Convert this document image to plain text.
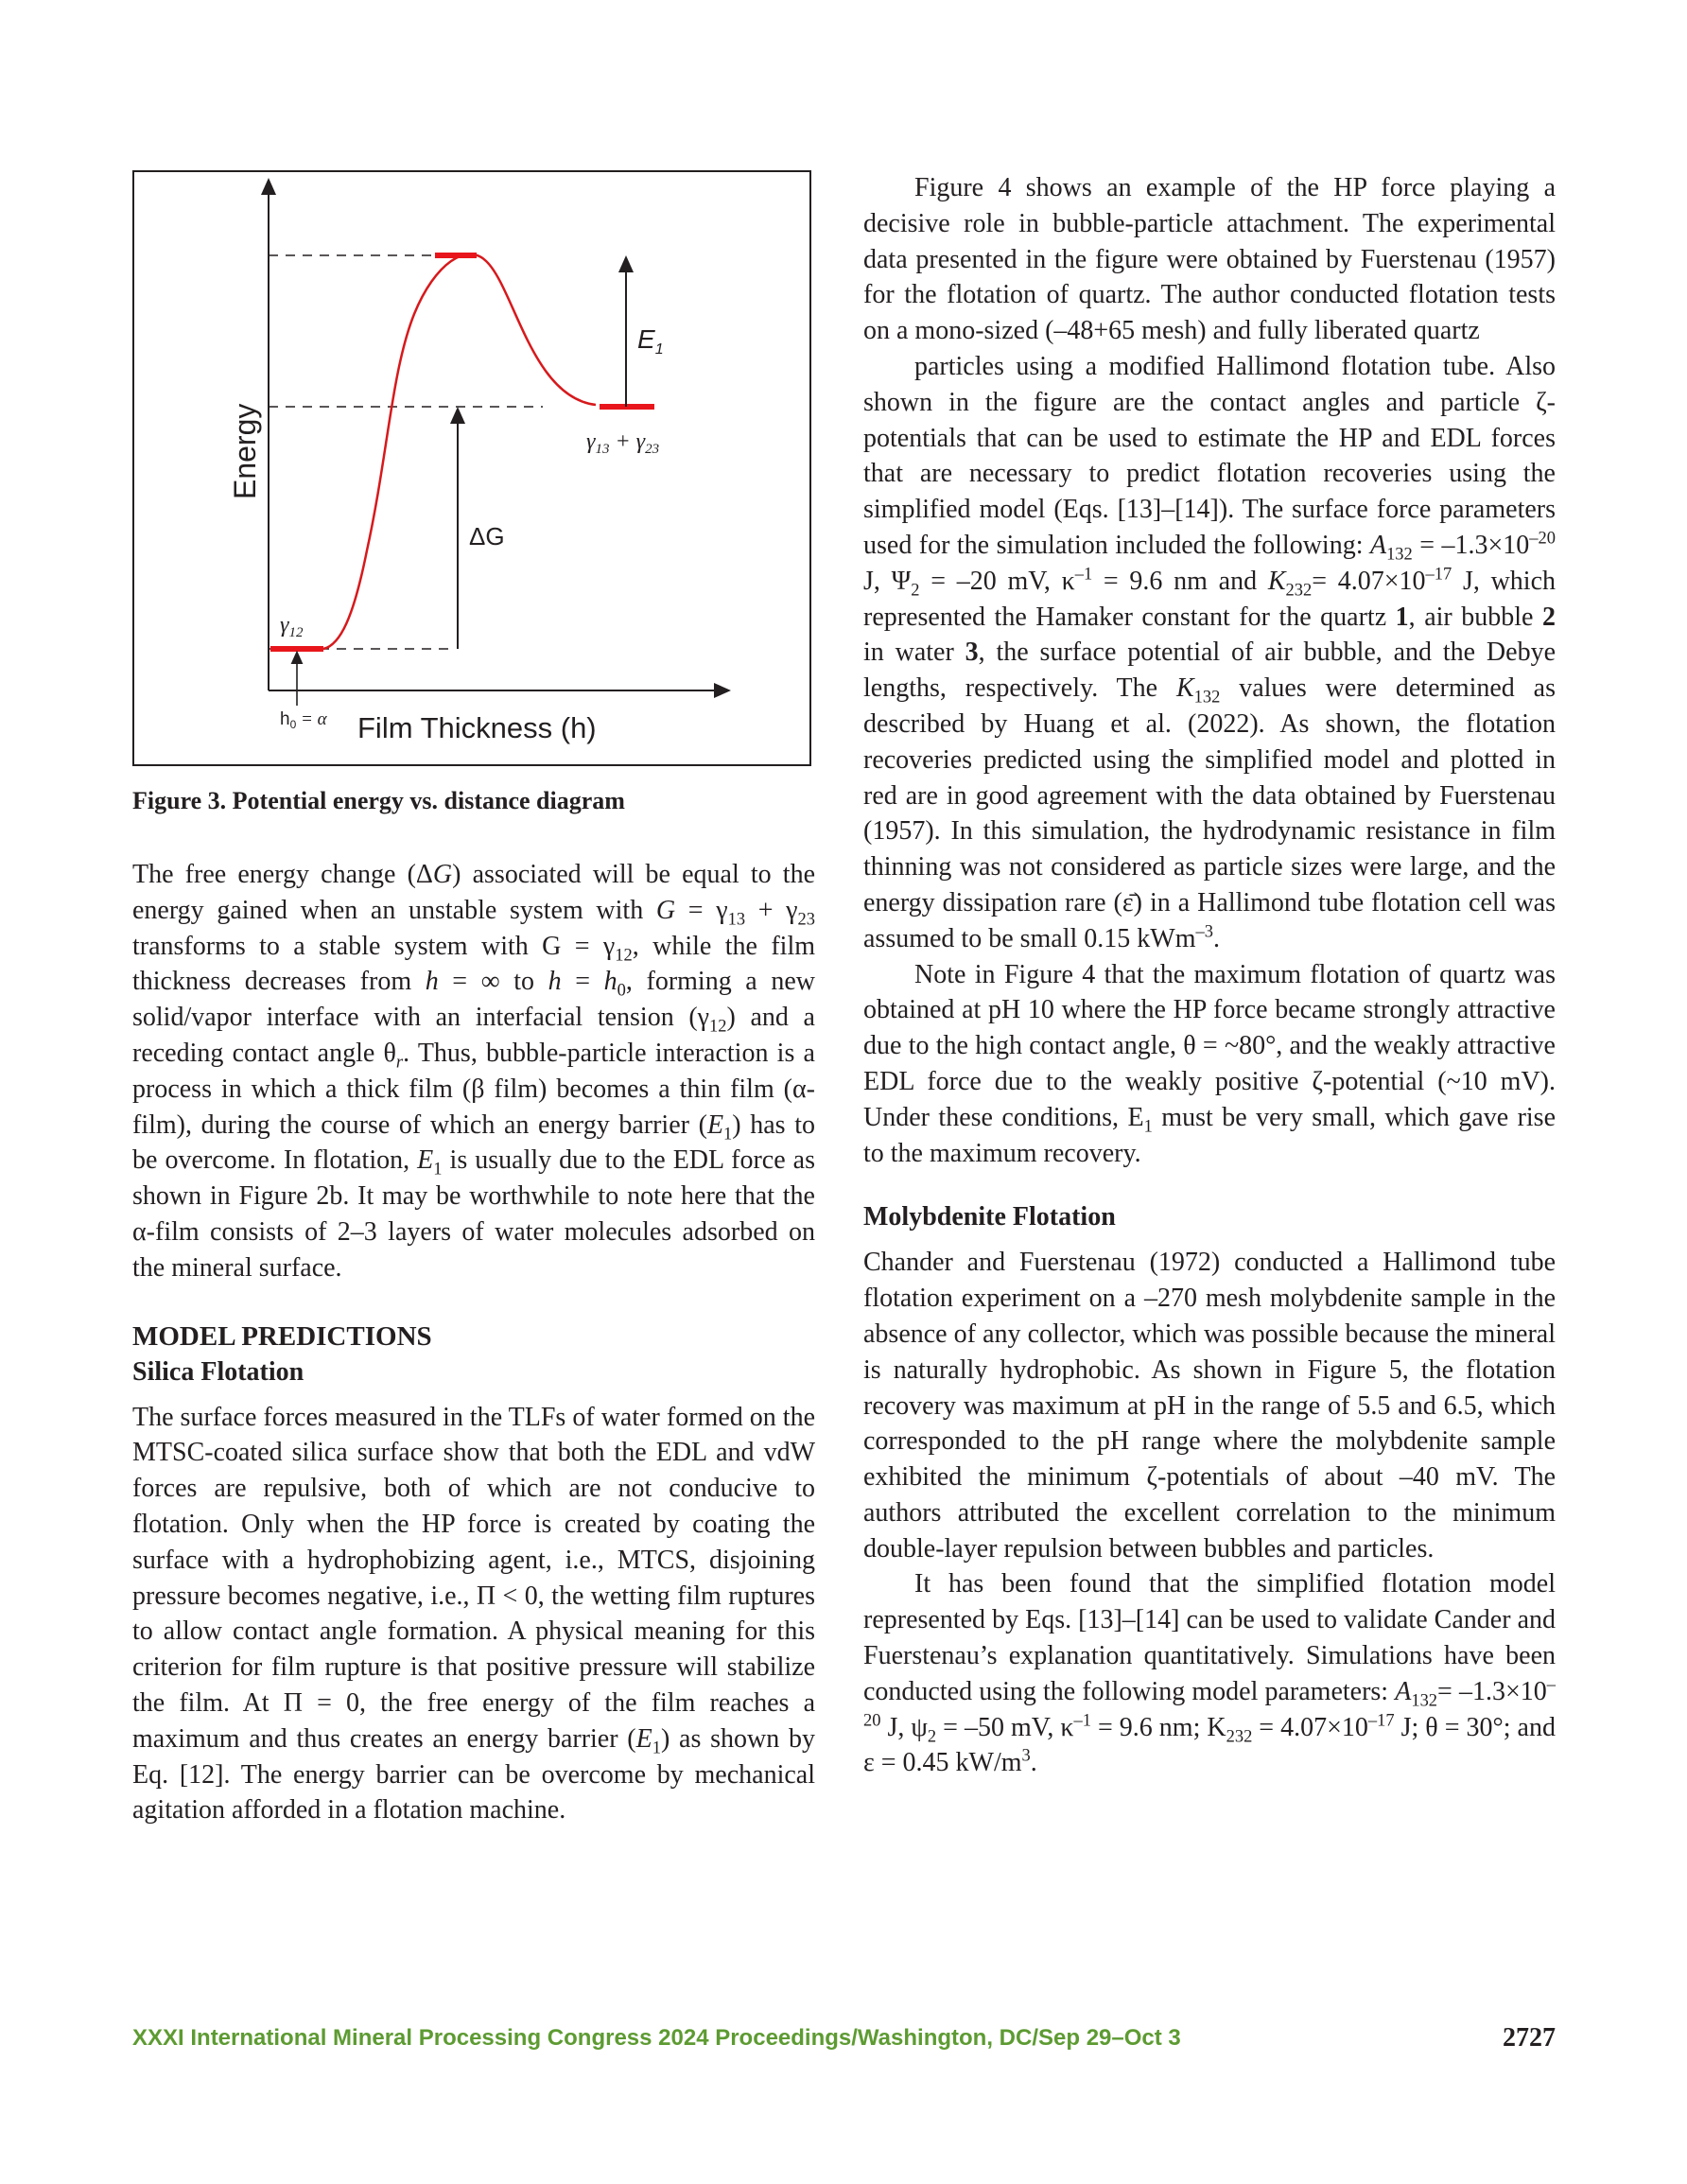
Energy
Film Thickness (h)
$h_0 = \alpha$
$\gamma_{12}$
$\gamma_{13} + \gamma_{23}$
ΔG
$E_1$
Figure 3. Potential energy vs. distance diagram

The free energy change (ΔG) associated will be equal to the energy gained when an unstable system with $G = \gamma_{13} + \gamma_{23}$ transforms to a stable system with $G = \gamma_{12}$, while the film thickness decreases from h = ∞ to $h = h_0$, forming a new solid/vapor interface with an interfacial tension $(\gamma_{12})$ and a receding contact angle $\theta_r$. Thus, bubble-particle interaction is a process in which a thick film (β film) becomes a thin film (α-film), during the course of which an energy barrier $(E_1)$ has to be overcome. In flotation, $E_1$ is usually due to the EDL force as shown in Figure 2b. It may be worthwhile to note here that the α-film consists of 2–3 layers of water molecules adsorbed on the mineral surface.

MODEL PREDICTIONS
Silica Flotation

The surface forces measured in the TLFs of water formed on the MTSC-coated silica surface show that both the EDL and vdW forces are repulsive, both of which are not conducive to flotation. Only when the HP force is created by coating the surface with a hydrophobizing agent, i.e., MTCS, disjoining pressure becomes negative, i.e., Π < 0, the wetting film ruptures to allow contact angle formation. A physical meaning for this criterion for film rupture is that positive pressure will stabilize the film. At Π = 0, the free energy of the film reaches a maximum and thus creates an energy barrier $(E_1)$ as shown by Eq. [12]. The energy barrier can be overcome by mechanical agitation afforded in a flotation machine.

Figure 4 shows an example of the HP force playing a decisive role in bubble-particle attachment. The experimental data presented in the figure were obtained by Fuerstenau (1957) for the flotation of quartz. The author conducted flotation tests on a mono-sized (–48+65 mesh) and fully liberated quartz

particles using a modified Hallimond flotation tube. Also shown in the figure are the contact angles and particle ζ-potentials that can be used to estimate the HP and EDL forces that are necessary to predict flotation recoveries using the simplified model (Eqs. [13]–[14]). The surface force parameters used for the simulation included the following: $A_{132} = -1.3\times 10^{-20}$ J, $\Psi_2 = -20$ mV, $\kappa^{-1} = 9.6$ nm and $K_{232}= 4.07\times 10^{-17}$ J, which represented the Hamaker constant for the quartz 1, air bubble 2 in water 3, the surface potential of air bubble, and the Debye lengths, respectively. The $K_{132}$ values were determined as described by Huang et al. (2022). As shown, the flotation recoveries predicted using the simplified model and plotted in red are in good agreement with the data obtained by Fuerstenau (1957). In this simulation, the hydrodynamic resistance in film thinning was not considered as particle sizes were large, and the energy dissipation rare (ε̄) in a Hallimond tube flotation cell was assumed to be small 0.15 kWm$^{-3}$.

Note in Figure 4 that the maximum flotation of quartz was obtained at pH 10 where the HP force became strongly attractive due to the high contact angle, θ = ~80°, and the weakly attractive EDL force due to the weakly positive ζ-potential (~10 mV). Under these conditions, $E_1$ must be very small, which gave rise to the maximum recovery.

Molybdenite Flotation

Chander and Fuerstenau (1972) conducted a Hallimond tube flotation experiment on a –270 mesh molybdenite sample in the absence of any collector, which was possible because the mineral is naturally hydrophobic. As shown in Figure 5, the flotation recovery was maximum at pH in the range of 5.5 and 6.5, which corresponded to the pH range where the molybdenite sample exhibited the minimum ζ-potentials of about –40 mV. The authors attributed the excellent correlation to the minimum double-layer repulsion between bubbles and particles.

It has been found that the simplified flotation model represented by Eqs. [13]–[14] can be used to validate Cander and Fuerstenau’s explanation quantitatively. Simulations have been conducted using the following model parameters: $A_{132}= -1.3\times 10^{-20}$ J, $\psi_2 = -50$ mV, $\kappa^{-1} = 9.6$ nm; $K_{232} = 4.07\times 10^{-17}$ J; θ = 30°; and ε = 0.45 $kW/m^3$.

XXXI International Mineral Processing Congress 2024 Proceedings/Washington, DC/Sep 29–Oct 3	2727
